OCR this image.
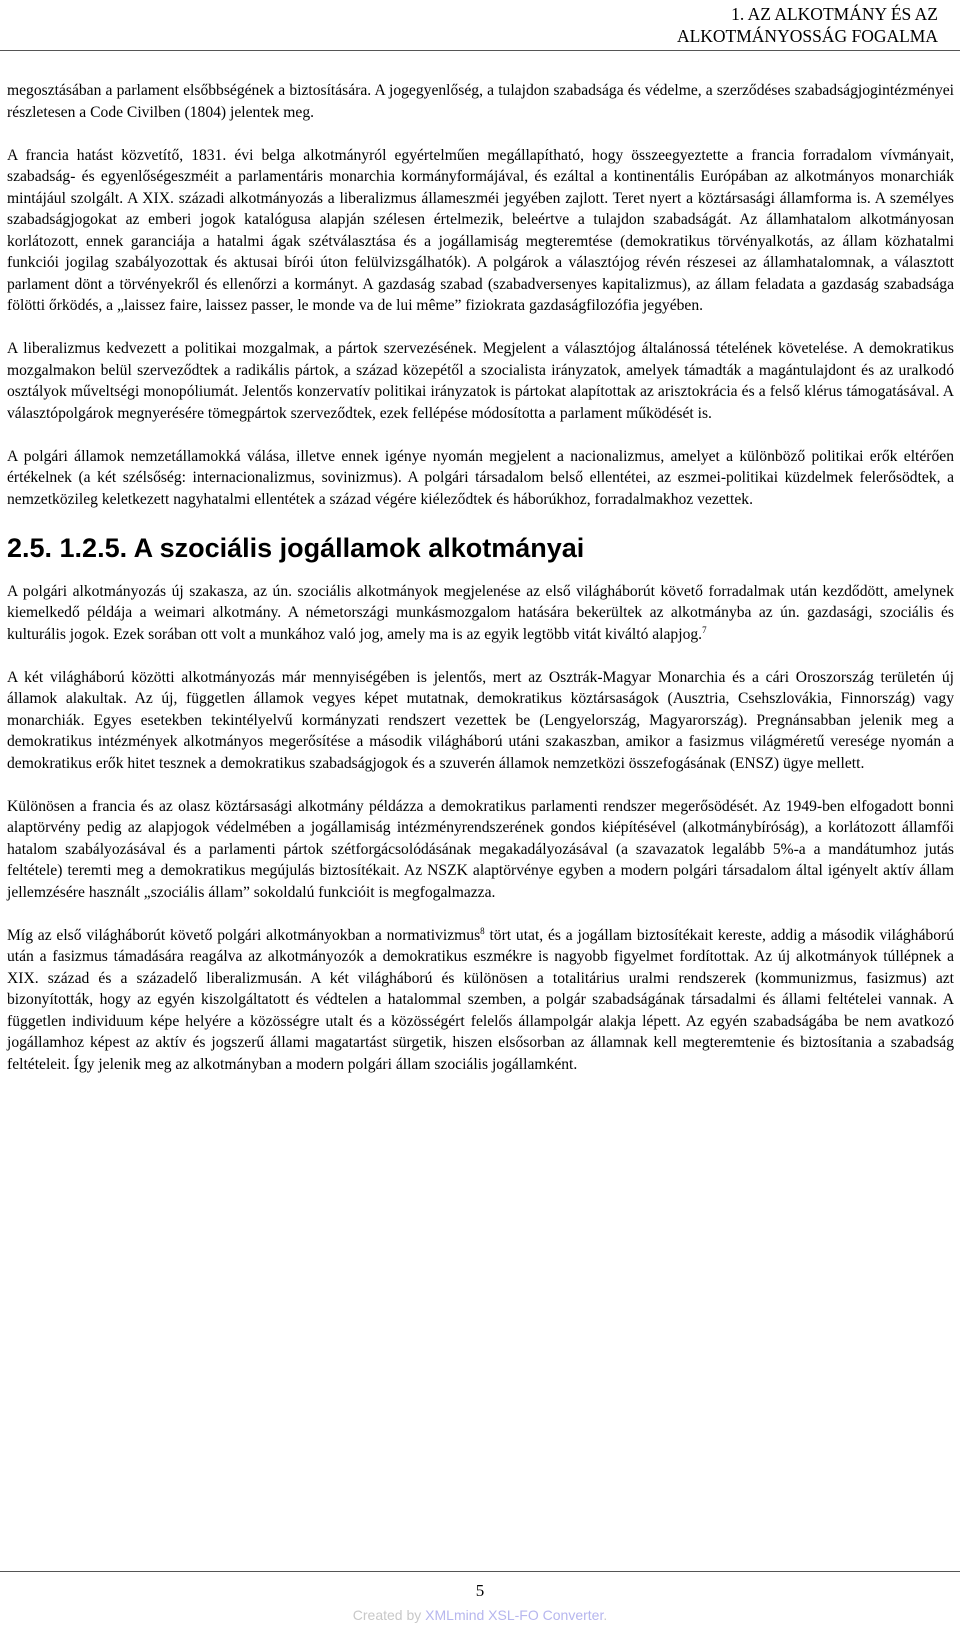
1. AZ ALKOTMÁNY ÉS AZ
ALKOTMÁNYOSSÁG FOGALMA

megosztásában a parlament elsőbbségének a biztosítására. A jogegyenlőség, a tulajdon szabadsága és védelme, a szerződéses szabadságjogintézményei részletesen a Code Civilben (1804) jelentek meg.

A francia hatást közvetítő, 1831. évi belga alkotmányról egyértelműen megállapítható, hogy összeegyeztette a francia forradalom vívmányait, szabadság- és egyenlőségeszméit a parlamentáris monarchia kormányformájával, és ezáltal a kontinentális Európában az alkotmányos monarchiák mintájául szolgált. A XIX. századi alkotmányozás a liberalizmus állameszméi jegyében zajlott. Teret nyert a köztársasági államforma is. A személyes szabadságjogokat az emberi jogok katalógusa alapján szélesen értelmezik, beleértve a tulajdon szabadságát. Az államhatalom alkotmányosan korlátozott, ennek garanciája a hatalmi ágak szétválasztása és a jogállamiság megteremtése (demokratikus törvényalkotás, az állam közhatalmi funkciói jogilag szabályozottak és aktusai bírói úton felülvizsgálhatók). A polgárok a választójog révén részesei az államhatalomnak, a választott parlament dönt a törvényekről és ellenőrzi a kormányt. A gazdaság szabad (szabadversenyes kapitalizmus), az állam feladata a gazdaság szabadsága fölötti őrködés, a „laissez faire, laissez passer, le monde va de lui même” fiziokrata gazdaságfilozófia jegyében.

A liberalizmus kedvezett a politikai mozgalmak, a pártok szervezésének. Megjelent a választójog általánossá tételének követelése. A demokratikus mozgalmakon belül szerveződtek a radikális pártok, a század közepétől a szocialista irányzatok, amelyek támadták a magántulajdont és az uralkodó osztályok műveltségi monopóliumát. Jelentős konzervatív politikai irányzatok is pártokat alapítottak az arisztokrácia és a felső klérus támogatásával. A választópolgárok megnyerésére tömegpártok szerveződtek, ezek fellépése módosította a parlament működését is.

A polgári államok nemzetállamokká válása, illetve ennek igénye nyomán megjelent a nacionalizmus, amelyet a különböző politikai erők eltérően értékelnek (a két szélsőség: internacionalizmus, sovinizmus). A polgári társadalom belső ellentétei, az eszmei-politikai küzdelmek felerősödtek, a nemzetközileg keletkezett nagyhatalmi ellentétek a század végére kiéleződtek és háborúkhoz, forradalmakhoz vezettek.

2.5. 1.2.5. A szociális jogállamok alkotmányai

A polgári alkotmányozás új szakasza, az ún. szociális alkotmányok megjelenése az első világháborút követő forradalmak után kezdődött, amelynek kiemelkedő példája a weimari alkotmány. A németországi munkásmozgalom hatására bekerültek az alkotmányba az ún. gazdasági, szociális és kulturális jogok. Ezek sorában ott volt a munkához való jog, amely ma is az egyik legtöbb vitát kiváltó alapjog.$^7$

A két világháború közötti alkotmányozás már mennyiségében is jelentős, mert az Osztrák-Magyar Monarchia és a cári Oroszország területén új államok alakultak. Az új, független államok vegyes képet mutatnak, demokratikus köztársaságok (Ausztria, Csehszlovákia, Finnország) vagy monarchiák. Egyes esetekben tekintélyelvű kormányzati rendszert vezettek be (Lengyelország, Magyarország). Pregnánsabban jelenik meg a demokratikus intézmények alkotmányos megerősítése a második világháború utáni szakaszban, amikor a fasizmus világméretű veresége nyomán a demokratikus erők hitet tesznek a demokratikus szabadságjogok és a szuverén államok nemzetközi összefogásának (ENSZ) ügye mellett.

Különösen a francia és az olasz köztársasági alkotmány példázza a demokratikus parlamenti rendszer megerősödését. Az 1949-ben elfogadott bonni alaptörvény pedig az alapjogok védelmében a jogállamiság intézményrendszerének gondos kiépítésével (alkotmánybíróság), a korlátozott államfői hatalom szabályozásával és a parlamenti pártok szétforgácsolódásának megakadályozásával (a szavazatok legalább 5%-a a mandátumhoz jutás feltétele) teremti meg a demokratikus megújulás biztosítékait. Az NSZK alaptörvénye egyben a modern polgári társadalom által igényelt aktív állam jellemzésére használt „szociális állam” sokoldalú funkcióit is megfogalmazza.

Míg az első világháborút követő polgári alkotmányokban a normativizmus$^8$ tört utat, és a jogállam biztosítékait kereste, addig a második világháború után a fasizmus támadására reagálva az alkotmányozók a demokratikus eszmékre is nagyobb figyelmet fordítottak. Az új alkotmányok túllépnek a XIX. század és a századelő liberalizmusán. A két világháború és különösen a totalitárius uralmi rendszerek (kommunizmus, fasizmus) azt bizonyították, hogy az egyén kiszolgáltatott és védtelen a hatalommal szemben, a polgár szabadságának társadalmi és állami feltételei vannak. A független individuum képe helyére a közösségre utalt és a közösségért felelős állampolgár alakja lépett. Az egyén szabadságába be nem avatkozó jogállamhoz képest az aktív és jogszerű állami magatartást sürgetik, hiszen elsősorban az államnak kell megteremtenie és biztosítania a szabadság feltételeit. Így jelenik meg az alkotmányban a modern polgári állam szociális jogállamként.

5
Created by XMLmind XSL-FO Converter.
